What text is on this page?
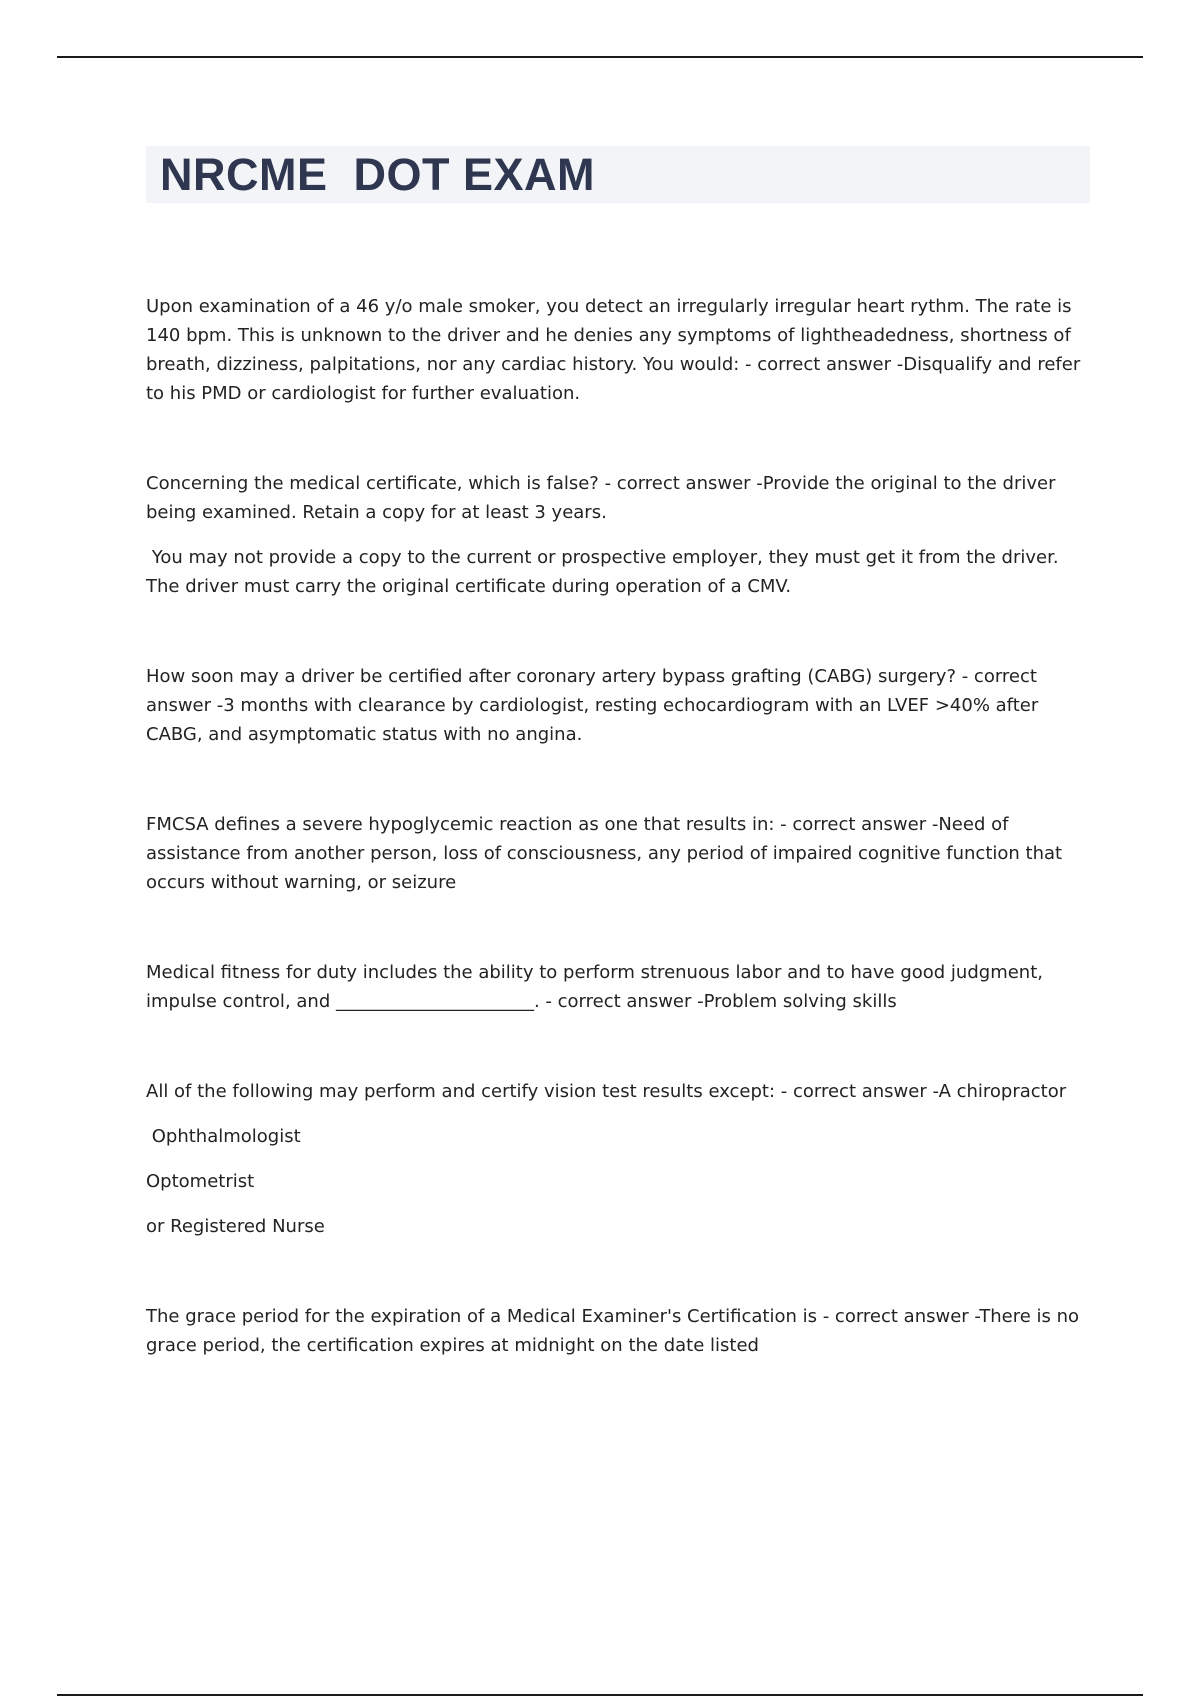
NRCME  DOT EXAM

Upon examination of a 46 y/o male smoker, you detect an irregularly irregular heart rythm. The rate is 140 bpm. This is unknown to the driver and he denies any symptoms of lightheadedness, shortness of breath, dizziness, palpitations, nor any cardiac history. You would: - correct answer -Disqualify and refer to his PMD or cardiologist for further evaluation.

Concerning the medical certificate, which is false? - correct answer -Provide the original to the driver being examined. Retain a copy for at least 3 years.

You may not provide a copy to the current or prospective employer, they must get it from the driver. The driver must carry the original certificate during operation of a CMV.

How soon may a driver be certified after coronary artery bypass grafting (CABG) surgery? - correct answer -3 months with clearance by cardiologist, resting echocardiogram with an LVEF >40% after CABG, and asymptomatic status with no angina.

FMCSA defines a severe hypoglycemic reaction as one that results in: - correct answer -Need of assistance from another person, loss of consciousness, any period of impaired cognitive function that occurs without warning, or seizure

Medical fitness for duty includes the ability to perform strenuous labor and to have good judgment, impulse control, and ______________________. - correct answer -Problem solving skills

All of the following may perform and certify vision test results except: - correct answer -A chiropractor

Ophthalmologist

Optometrist

or Registered Nurse

The grace period for the expiration of a Medical Examiner's Certification is - correct answer -There is no grace period, the certification expires at midnight on the date listed
